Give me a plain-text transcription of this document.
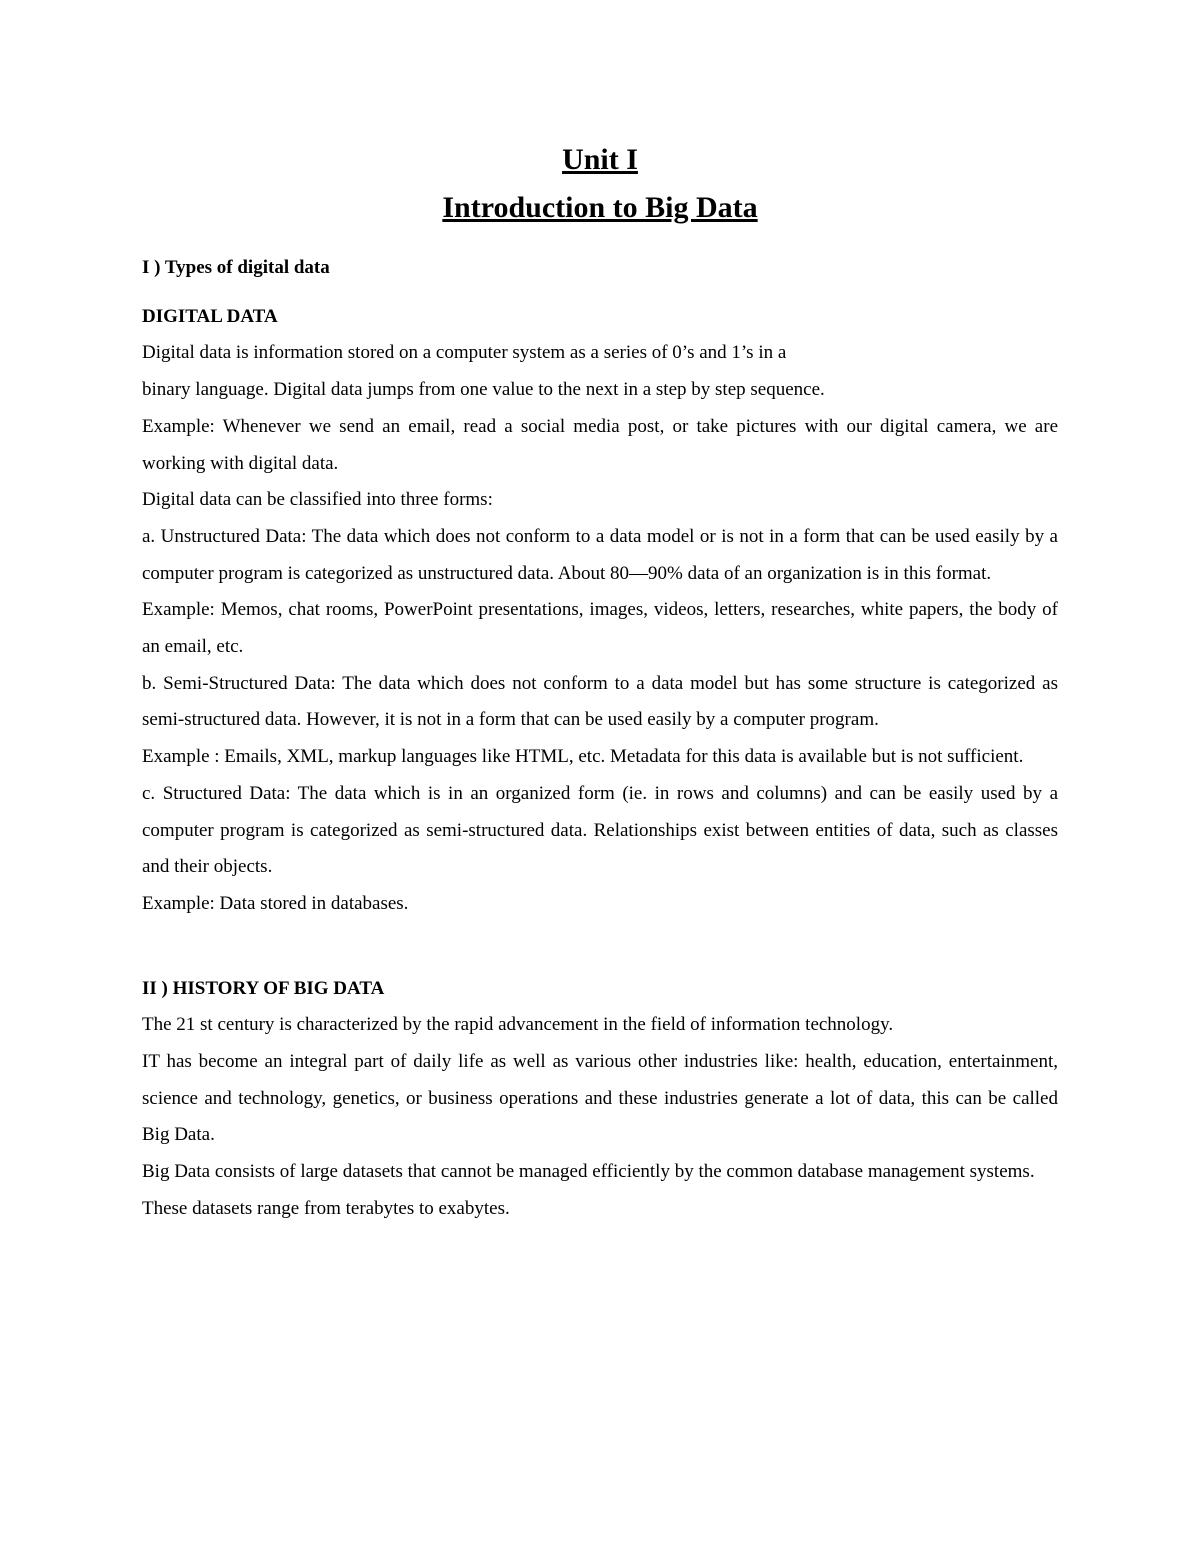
Unit I
Introduction to Big Data

I ) Types of digital data

DIGITAL DATA

Digital data is information stored on a computer system as a series of 0’s and 1’s in a

binary language. Digital data jumps from one value to the next in a step by step sequence.

Example: Whenever we send an email, read a social media post, or take pictures with our digital camera, we are working with digital data.

Digital data can be classified into three forms:

a. Unstructured Data: The data which does not conform to a data model or is not in a form that can be used easily by a computer program is categorized as unstructured data. About 80—90% data of an organization is in this format.

Example: Memos, chat rooms, PowerPoint presentations, images, videos, letters, researches, white papers, the body of an email, etc.

b. Semi-Structured Data: The data which does not conform to a data model but has some structure is categorized as semi-structured data. However, it is not in a form that can be used easily by a computer program.

Example : Emails, XML, markup languages like HTML, etc. Metadata for this data is available but is not sufficient.

c. Structured Data: The data which is in an organized form (ie. in rows and columns) and can be easily used by a computer program is categorized as semi-structured data. Relationships exist between entities of data, such as classes and their objects.

Example: Data stored in databases.

II ) HISTORY OF BIG DATA

The 21 st century is characterized by the rapid advancement in the field of information technology.

IT has become an integral part of daily life as well as various other industries like: health, education, entertainment, science and technology, genetics, or business operations and these industries generate a lot of data, this can be called Big Data.

Big Data consists of large datasets that cannot be managed efficiently by the common database management systems.

These datasets range from terabytes to exabytes.
